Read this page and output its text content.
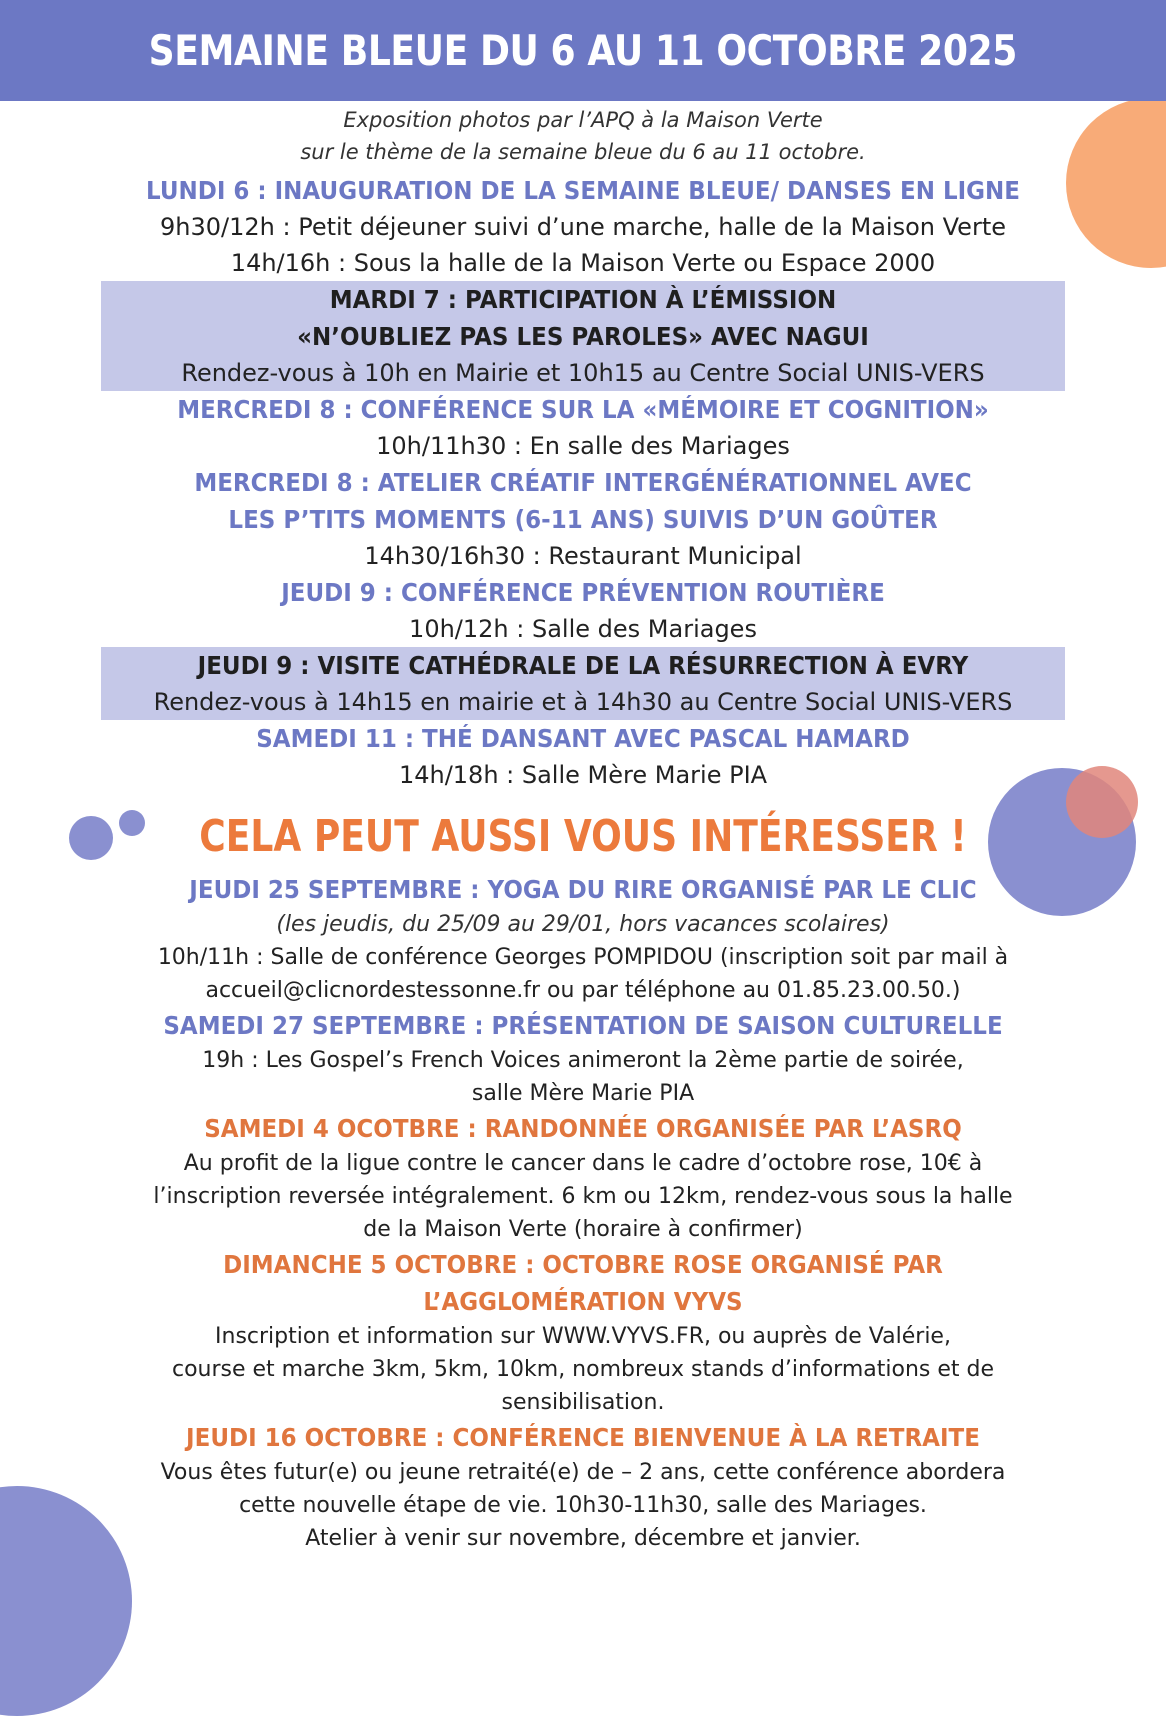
SEMAINE BLEUE DU 6 AU 11 OCTOBRE 2025
Exposition photos par l’APQ à la Maison Verte
sur le thème de la semaine bleue du 6 au 11 octobre.
LUNDI 6 : INAUGURATION DE LA SEMAINE BLEUE/ DANSES EN LIGNE
9h30/12h : Petit déjeuner suivi d’une marche, halle de la Maison Verte
14h/16h : Sous la halle de la Maison Verte ou Espace 2000
MARDI 7 : PARTICIPATION À L’ÉMISSION
«N’OUBLIEZ PAS LES PAROLES» AVEC NAGUI
Rendez-vous à 10h en Mairie et 10h15 au Centre Social UNIS-VERS
MERCREDI 8 : CONFÉRENCE SUR LA «MÉMOIRE ET COGNITION»
10h/11h30 : En salle des Mariages
MERCREDI 8 : ATELIER CRÉATIF INTERGÉNÉRATIONNEL AVEC
LES P’TITS MOMENTS (6-11 ANS) SUIVIS D’UN GOÛTER
14h30/16h30 : Restaurant Municipal
JEUDI 9 : CONFÉRENCE PRÉVENTION ROUTIÈRE
10h/12h : Salle des Mariages
JEUDI 9 : VISITE CATHÉDRALE DE LA RÉSURRECTION À EVRY
Rendez-vous à 14h15 en mairie et à 14h30 au Centre Social UNIS-VERS
SAMEDI 11 : THÉ DANSANT AVEC PASCAL HAMARD
14h/18h : Salle Mère Marie PIA
CELA PEUT AUSSI VOUS INTÉRESSER !
JEUDI 25 SEPTEMBRE : YOGA DU RIRE ORGANISÉ PAR LE CLIC
(les jeudis, du 25/09 au 29/01, hors vacances scolaires)
10h/11h : Salle de conférence Georges POMPIDOU (inscription soit par mail à
accueil@clicnordestessonne.fr ou par téléphone au 01.85.23.00.50.)
SAMEDI 27 SEPTEMBRE : PRÉSENTATION DE SAISON CULTURELLE
19h : Les Gospel’s French Voices animeront la 2ème partie de soirée,
salle Mère Marie PIA
SAMEDI 4 OCOTBRE : RANDONNÉE ORGANISÉE PAR L’ASRQ
Au profit de la ligue contre le cancer dans le cadre d’octobre rose, 10€ à
l’inscription reversée intégralement. 6 km ou 12km, rendez-vous sous la halle
de la Maison Verte (horaire à confirmer)
DIMANCHE 5 OCTOBRE : OCTOBRE ROSE ORGANISÉ PAR
L’AGGLOMÉRATION VYVS
Inscription et information sur WWW.VYVS.FR, ou auprès de Valérie,
course et marche 3km, 5km, 10km, nombreux stands d’informations et de
sensibilisation.
JEUDI 16 OCTOBRE : CONFÉRENCE BIENVENUE À LA RETRAITE
Vous êtes futur(e) ou jeune retraité(e) de – 2 ans, cette conférence abordera
cette nouvelle étape de vie. 10h30-11h30, salle des Mariages.
Atelier à venir sur novembre, décembre et janvier.
